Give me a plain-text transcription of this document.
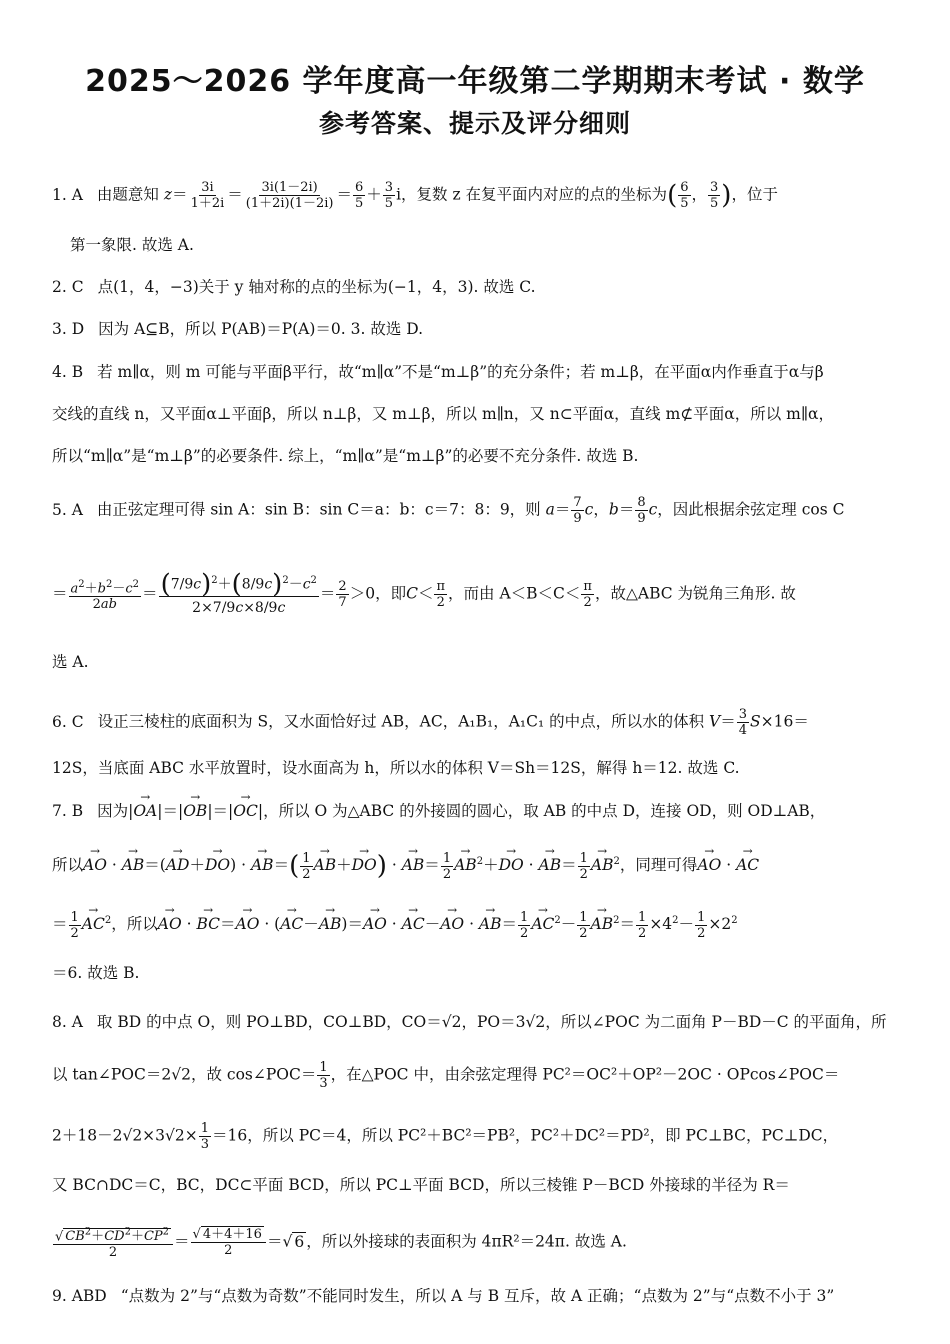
2025～2026 学年度高一年级第二学期期末考试 · 数学
参考答案、提示及评分细则
1. A 由题意知 $z= \frac{3i}{1+2i} = \frac{3i(1-2i)}{(1+2i)(1-2i)} = \frac{6}{5} + \frac{3}{5}$ i，复数 z 在复平面内对应的点的坐标为( $\frac{6}{5}$ ， $\frac{3}{5}$ )，位于
第一象限. 故选 A.
2. C 点(1，4，−3)关于 y 轴对称的点的坐标为(−1，4，3). 故选 C.
3. D 因为 A⊆B，所以 P(AB)＝P(A)＝0. 3. 故选 D.
4. B 若 m∥α，则 m 可能与平面β平行，故“m∥α”不是“m⊥β”的充分条件；若 m⊥β，在平面α内作垂直于α与β
交线的直线 n，又平面α⊥平面β，所以 n⊥β，又 m⊥β，所以 m∥n，又 n⊂平面α，直线 m⊄平面α，所以 m∥α，
所以“m∥α”是“m⊥β”的必要条件. 综上，“m∥α”是“m⊥β”的必要不充分条件. 故选 B.
5. A 由正弦定理可得 sin A：sin B：sin C＝a：b：c＝7：8：9，则 $a= \frac{7}{9}$ c，$b= \frac{8}{9}$ c，因此根据余弦定理 cos C
＝ $\frac{a^2+b^2-c^2}{2ab} = \frac{(7/9c)^2+(8/9c)^2-c^2}{2\times 7/9c\times 8/9c} = \frac{2}{7} >0$，即$C< \frac{\pi}{2}$ ，而由 $A<B<C< \frac{\pi}{2}$ ，故△ABC 为锐角三角形. 故
选 A.
6. C 设正三棱柱的底面积为 S，又水面恰好过 AB，AC，A₁B₁，A₁C₁ 的中点，所以水的体积 $V= \frac{3}{4} S\times 16=$
12S，当底面 ABC 水平放置时，设水面高为 h，所以水的体积 V＝Sh＝12S，解得 h＝12. 故选 C.
7. B 因为|→ OA|＝|→ OB|＝|→ OC|，所以 O 为△ABC 的外接圆的圆心，取 AB 的中点 D，连接 OD，则 OD⊥AB，
所以→ AO · → AB＝(→ AD＋→ DO) · → $AB=( \frac{1}{2}$
→ AB＋→ DO) · → $AB= \frac{1}{2}$
→ $AB^2+\to$ DO · → $AB= \frac{1}{2}$
→ $AB^2$，同理可得→ AO · → AC
＝ $\frac{1}{2}$
→ $AC^2$，所以→ AO · → BC＝→ AO · (→ AC－→ AB)＝→ AO · → AC－→ AO · → $AB= \frac{1}{2}$
→ $AC^2- \frac{1}{2}$
→ $AB^2= \frac{1}{2} \times 4^2- \frac{1}{2} \times 2^2$
＝6. 故选 B.
8. A 取 BD 的中点 O，则 PO⊥BD，CO⊥BD，CO＝√2，PO＝3√2，所以∠POC 为二面角 P－BD－C 的平面角，所
以 tan∠POC＝2√2，故 cos∠POC＝ $\frac{1}{3}$ ，在△POC 中，由余弦定理得 PC²＝OC²＋OP²－2OC · OPcos∠POC＝
$2+18-2√2\times 3√2\times \frac{1}{3} =16$，所以 PC＝4，所以 PC²＋BC²＝PB²，PC²＋DC²＝PD²，即 PC⊥BC，PC⊥DC，
又 BC∩DC＝C，BC，DC⊂平面 BCD，所以 PC⊥平面 BCD，所以三棱锥 P－BCD 外接球的半径为 R＝
$\frac{√ CB^2+CD^2+CP^2}{2} = \frac{√ 4+4+16}{2}$ ＝√ 6 ，所以外接球的表面积为 4πR²＝24π. 故选 A.
9. ABD “点数为 2”与“点数为奇数”不能同时发生，所以 A 与 B 互斥，故 A 正确；“点数为 2”与“点数不小于 3”
